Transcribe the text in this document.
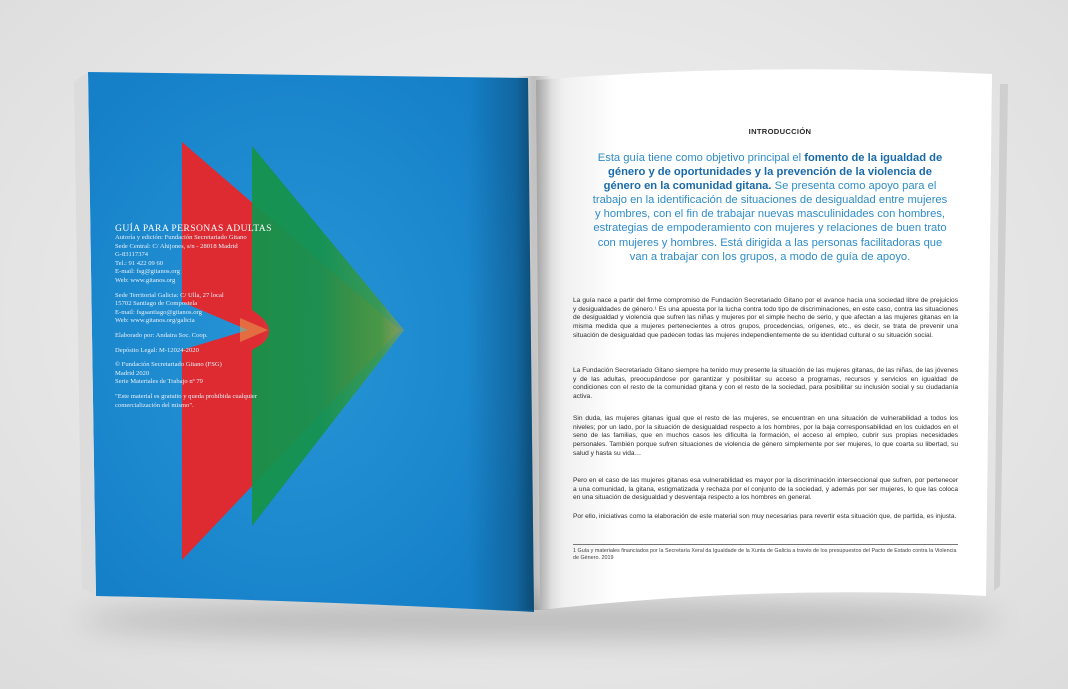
GUÍA PARA PERSONAS ADULTAS
Autoría y edición: Fundación Secretariado Gitano
Sede Central: C/ Ahijones, s/n - 28018 Madrid
G-83117374
Tel.: 91 422 09 60
E-mail: fsg@gitanos.org
Web: www.gitanos.org
Sede Territorial Galicia: C/ Ulla, 27 local
15702 Santiago de Compostela
E-mail: fsgsantiago@gitanos.org
Web: www.gitanos.org/galicia
Elaborado por: Andaira Soc. Coop.
Depósito Legal: M-12024-2020
© Fundación Secretariado Gitano (FSG)
Madrid 2020
Serie Materiales de Trabajo nº 79
"Este material es gratuito y queda prohibida cualquier comercialización del mismo".
INTRODUCCIÓN
Esta guía tiene como objetivo principal el fomento de la igualdad de género y de oportunidades y la prevención de la violencia de género en la comunidad gitana. Se presenta como apoyo para el trabajo en la identificación de situaciones de desigualdad entre mujeres y hombres, con el fin de trabajar nuevas masculinidades con hombres, estrategias de empoderamiento con mujeres y relaciones de buen trato con mujeres y hombres. Está dirigida a las personas facilitadoras que van a trabajar con los grupos, a modo de guía de apoyo.
La guía nace a partir del firme compromiso de Fundación Secretariado Gitano por el avance hacia una sociedad libre de prejuicios y desigualdades de género.¹ Es una apuesta por la lucha contra todo tipo de discriminaciones, en este caso, contra las situaciones de desigualdad y violencia que sufren las niñas y mujeres por el simple hecho de serlo, y que afectan a las mujeres gitanas en la misma medida que a mujeres pertenecientes a otros grupos, procedencias, orígenes, etc., es decir, se trata de prevenir una situación de desigualdad que padecen todas las mujeres independientemente de su identidad cultural o su situación social.
La Fundación Secretariado Gitano siempre ha tenido muy presente la situación de las mujeres gitanas, de las niñas, de las jóvenes y de las adultas, preocupándose por garantizar y posibilitar su acceso a programas, recursos y servicios en igualdad de condiciones con el resto de la comunidad gitana y con el resto de la sociedad, para posibilitar su inclusión social y su ciudadanía activa.
Sin duda, las mujeres gitanas igual que el resto de las mujeres, se encuentran en una situación de vulnerabilidad a todos los niveles; por un lado, por la situación de desigualdad respecto a los hombres, por la baja corresponsabilidad en los cuidados en el seno de las familias, que en muchos casos les dificulta la formación, el acceso al empleo, cubrir sus propias necesidades personales. También porque sufren situaciones de violencia de género simplemente por ser mujeres, lo que coarta su libertad, su salud y hasta su vida…
Pero en el caso de las mujeres gitanas esa vulnerabilidad es mayor por la discriminación interseccional que sufren, por pertenecer a una comunidad, la gitana, estigmatizada y rechaza por el conjunto de la sociedad, y además por ser mujeres, lo que las coloca en una situación de desigualdad y desventaja respecto a los hombres en general.
Por ello, iniciativas como la elaboración de este material son muy necesarias para revertir esta situación que, de partida, es injusta.
1 Guía y materiales financiados por la Secretaría Xeral da Igualdade de la Xunta de Galicia a través de los presupuestos del Pacto de Estado contra la Violencia de Género. 2019
